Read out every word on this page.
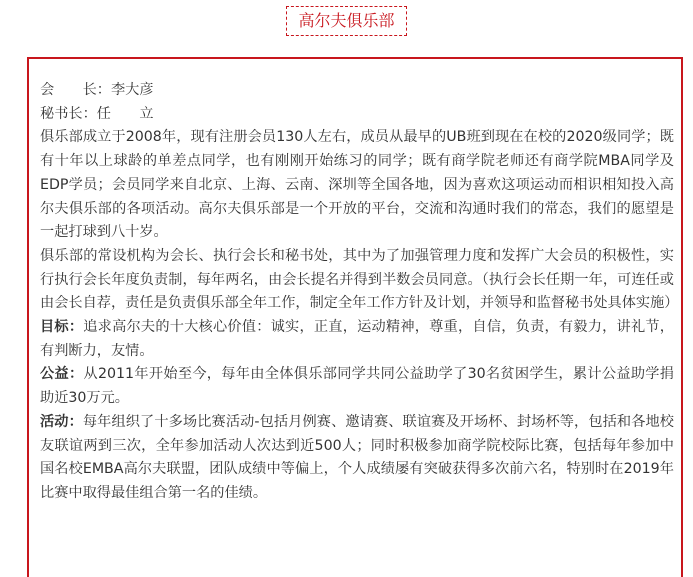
高尔夫俱乐部

会　　长：李大彦

秘书长：任　　立

俱乐部成立于2008年，现有注册会员130人左右，成员从最早的UB班到现在在校的2020级同学；既有十年以上球龄的单差点同学，也有刚刚开始练习的同学；既有商学院老师还有商学院MBA同学及EDP学员；会员同学来自北京、上海、云南、深圳等全国各地，因为喜欢这项运动而相识相知投入高尔夫俱乐部的各项活动。高尔夫俱乐部是一个开放的平台，交流和沟通时我们的常态，我们的愿望是一起打球到八十岁。

俱乐部的常设机构为会长、执行会长和秘书处，其中为了加强管理力度和发挥广大会员的积极性，实行执行会长年度负责制，每年两名，由会长提名并得到半数会员同意。（执行会长任期一年，可连任或由会长自荐，责任是负责俱乐部全年工作，制定全年工作方针及计划，并领导和监督秘书处具体实施）

目标：追求高尔夫的十大核心价值：诚实，正直，运动精神，尊重，自信，负责，有毅力，讲礼节，有判断力，友情。

公益：从2011年开始至今，每年由全体俱乐部同学共同公益助学了30名贫困学生，累计公益助学捐助近30万元。

活动：每年组织了十多场比赛活动-包括月例赛、邀请赛、联谊赛及开场杯、封场杯等，包括和各地校友联谊两到三次，全年参加活动人次达到近500人；同时积极参加商学院校际比赛，包括每年参加中国名校EMBA高尔夫联盟，团队成绩中等偏上，个人成绩屡有突破获得多次前六名，特别时在2019年比赛中取得最佳组合第一名的佳绩。
